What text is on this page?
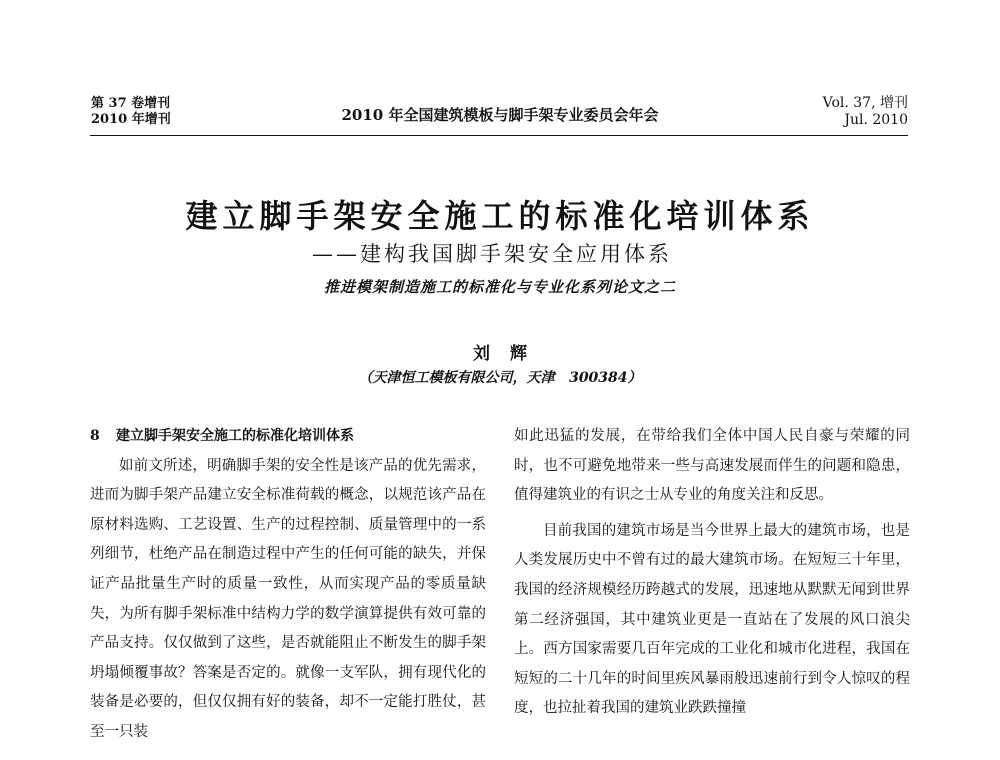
第 37 卷增刊
2010 年增刊	2010 年全国建筑模板与脚手架专业委员会年会
Vol. 37, 增刊
Jul. 2010
建立脚手架安全施工的标准化培训体系
——建构我国脚手架安全应用体系
推进模架制造施工的标准化与专业化系列论文之二
刘辉
（天津恒工模板有限公司，天津   300384）

8 建立脚手架安全施工的标准化培训体系

如前文所述，明确脚手架的安全性是该产品的优先需求，进而为脚手架产品建立安全标准荷载的概念，以规范该产品在原材料选购、工艺设置、生产的过程控制、质量管理中的一系列细节，杜绝产品在制造过程中产生的任何可能的缺失，并保证产品批量生产时的质量一致性，从而实现产品的零质量缺失，为所有脚手架标准中结构力学的数学演算提供有效可靠的产品支持。仅仅做到了这些，是否就能阻止不断发生的脚手架坍塌倾覆事故？答案是否定的。就像一支军队，拥有现代化的装备是必要的，但仅仅拥有好的装备，却不一定能打胜仗，甚至一只装

如此迅猛的发展，在带给我们全体中国人民自豪与荣耀的同时，也不可避免地带来一些与高速发展而伴生的问题和隐患，值得建筑业的有识之士从专业的角度关注和反思。

目前我国的建筑市场是当今世界上最大的建筑市场，也是人类发展历史中不曾有过的最大建筑市场。在短短三十年里，我国的经济规模经历跨越式的发展，迅速地从默默无闻到世界第二经济强国，其中建筑业更是一直站在了发展的风口浪尖上。西方国家需要几百年完成的工业化和城市化进程，我国在短短的二十几年的时间里疾风暴雨般迅速前行到令人惊叹的程度，也拉扯着我国的建筑业跌跌撞撞
